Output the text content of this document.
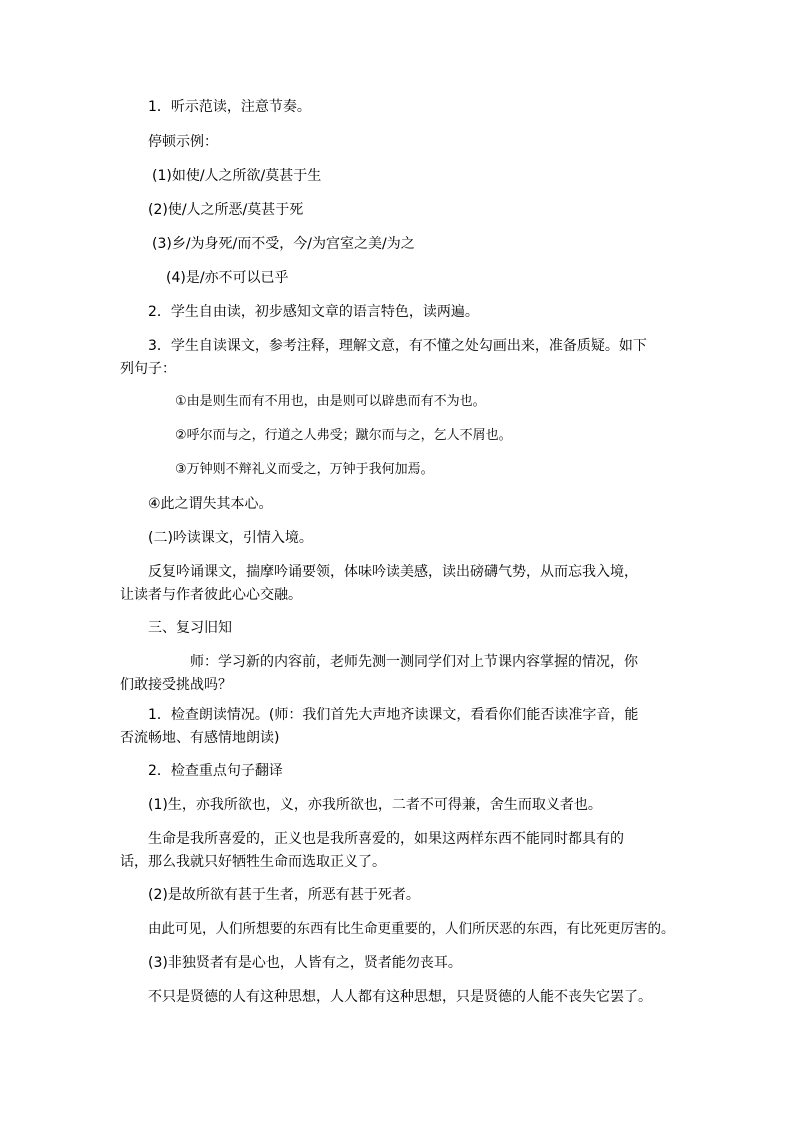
1．听示范读，注意节奏。

停顿示例：

(1)如使/人之所欲/莫甚于生

(2)使/人之所恶/莫甚于死

(3)乡/为身死/而不受，今/为宫室之美/为之

(4)是/亦不可以已乎

2．学生自由读，初步感知文章的语言特色，读两遍。

3．学生自读课文，参考注释，理解文意，有不懂之处勾画出来，准备质疑。如下列句子：

①由是则生而有不用也，由是则可以辟患而有不为也。

②呼尔而与之，行道之人弗受；蹴尔而与之，乞人不屑也。

③万钟则不辩礼义而受之，万钟于我何加焉。

④此之谓失其本心。

(二)吟读课文，引情入境。

反复吟诵课文，揣摩吟诵要领，体味吟读美感，读出磅礴气势，从而忘我入境，让读者与作者彼此心心交融。

三、复习旧知

师：学习新的内容前，老师先测一测同学们对上节课内容掌握的情况，你们敢接受挑战吗？

1．检查朗读情况。(师：我们首先大声地齐读课文，看看你们能否读准字音，能否流畅地、有感情地朗读)

2．检查重点句子翻译

(1)生，亦我所欲也，义，亦我所欲也，二者不可得兼，舍生而取义者也。

生命是我所喜爱的，正义也是我所喜爱的，如果这两样东西不能同时都具有的话，那么我就只好牺牲生命而选取正义了。

(2)是故所欲有甚于生者，所恶有甚于死者。

由此可见，人们所想要的东西有比生命更重要的，人们所厌恶的东西，有比死更厉害的。

(3)非独贤者有是心也，人皆有之，贤者能勿丧耳。

不只是贤德的人有这种思想，人人都有这种思想，只是贤德的人能不丧失它罢了。
